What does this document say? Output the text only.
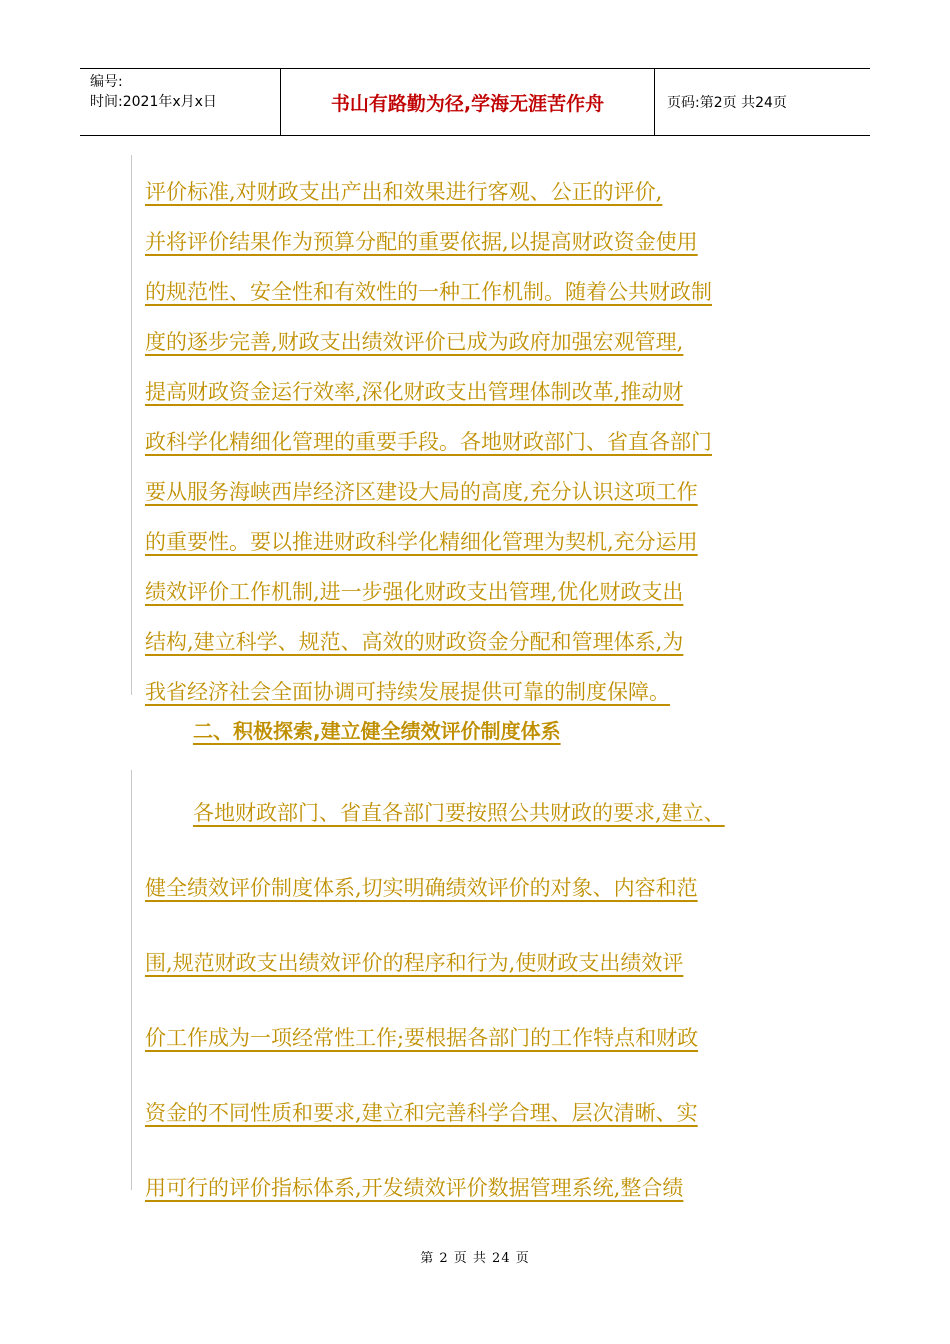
编号:
时间:2021年x月x日	书山有路勤为径,学海无涯苦作舟	页码:第2页 共24页
评价标准,对财政支出产出和效果进行客观、公正的评价,
并将评价结果作为预算分配的重要依据,以提高财政资金使用
的规范性、安全性和有效性的一种工作机制。随着公共财政制
度的逐步完善,财政支出绩效评价已成为政府加强宏观管理,
提高财政资金运行效率,深化财政支出管理体制改革,推动财
政科学化精细化管理的重要手段。各地财政部门、省直各部门
要从服务海峡西岸经济区建设大局的高度,充分认识这项工作
的重要性。要以推进财政科学化精细化管理为契机,充分运用
绩效评价工作机制,进一步强化财政支出管理,优化财政支出
结构,建立科学、规范、高效的财政资金分配和管理体系,为
我省经济社会全面协调可持续发展提供可靠的制度保障。
二、积极探索,建立健全绩效评价制度体系
各地财政部门、省直各部门要按照公共财政的要求,建立、
健全绩效评价制度体系,切实明确绩效评价的对象、内容和范
围,规范财政支出绩效评价的程序和行为,使财政支出绩效评
价工作成为一项经常性工作;要根据各部门的工作特点和财政
资金的不同性质和要求,建立和完善科学合理、层次清晰、实
用可行的评价指标体系,开发绩效评价数据管理系统,整合绩
第 2 页 共 24 页
